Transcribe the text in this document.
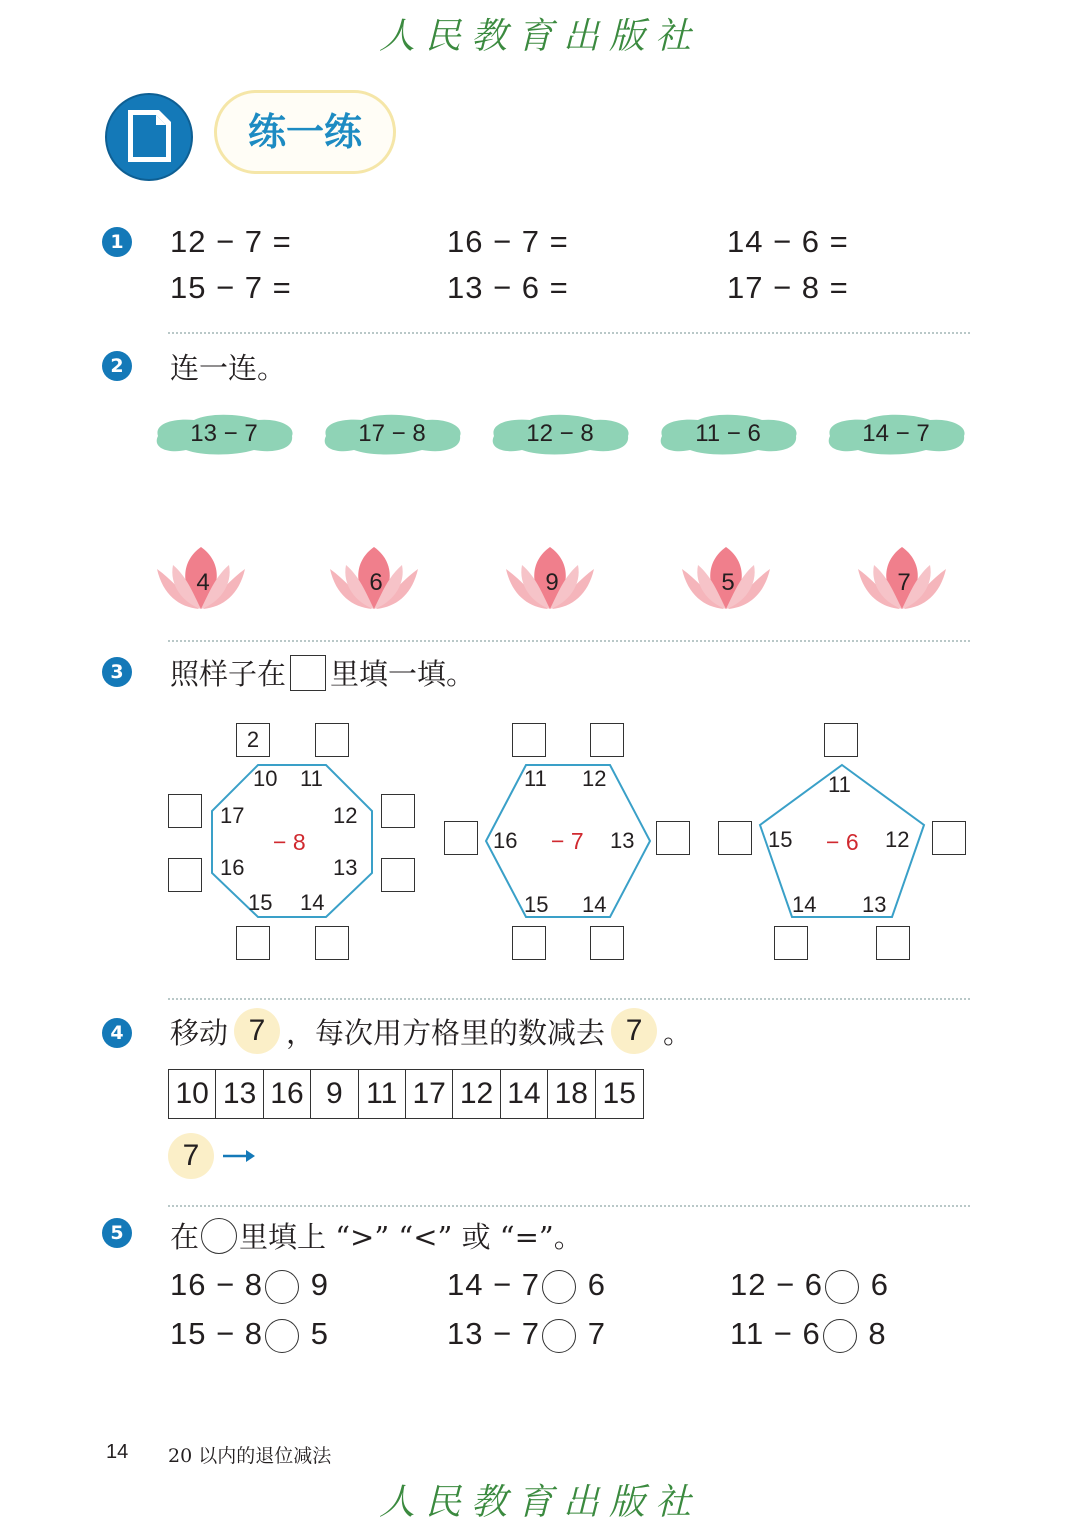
人民教育出版社
练一练
1 12 − 7 =	16 − 7 =	14 − 6 =
15 − 7 =	13 − 6 =	17 − 8 =
2 连一连。
13 − 7	17 − 8	12 − 8	11 − 6	14 − 7
4	6	9	5	7
3 照样子在 里填一填。
10 11
12
13
14
15
16
17
− 8
2
11 12
13
14
15
16 − 7
11
12
13
14
15 − 6
4 移动 7 ，每次用方格里的数减去 7 。
10 13 16 9 11 17 12 14 18 15
7
5 在 里填上 “>” “<” 或 “=”。
16 − 8 9	14 − 7 6	12 − 6 6
15 − 8 5	13 − 7 7	11 − 6 8
14 20 以内的退位减法
人民教育出版社
